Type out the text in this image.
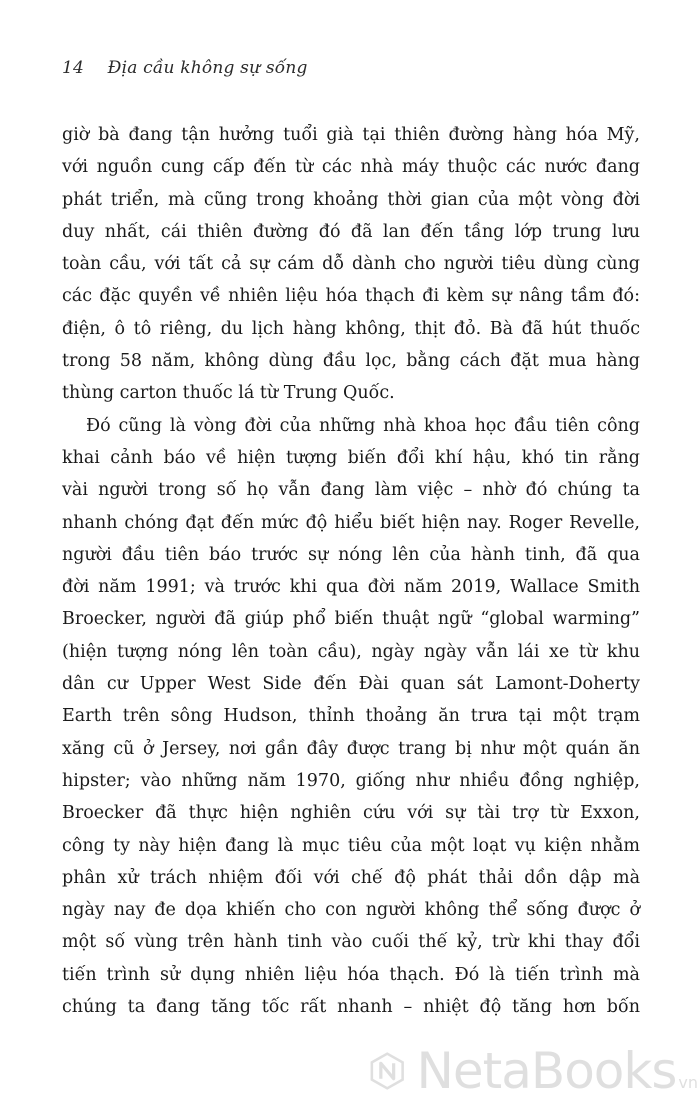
14 Địa cầu không sự sống
giờ bà đang tận hưởng tuổi già tại thiên đường hàng hóa Mỹ,
với nguồn cung cấp đến từ các nhà máy thuộc các nước đang
phát triển, mà cũng trong khoảng thời gian của một vòng đời
duy nhất, cái thiên đường đó đã lan đến tầng lớp trung lưu
toàn cầu, với tất cả sự cám dỗ dành cho người tiêu dùng cùng
các đặc quyền về nhiên liệu hóa thạch đi kèm sự nâng tầm đó:
điện, ô tô riêng, du lịch hàng không, thịt đỏ. Bà đã hút thuốc
trong 58 năm, không dùng đầu lọc, bằng cách đặt mua hàng
thùng carton thuốc lá từ Trung Quốc.
Đó cũng là vòng đời của những nhà khoa học đầu tiên công
khai cảnh báo về hiện tượng biến đổi khí hậu, khó tin rằng
vài người trong số họ vẫn đang làm việc – nhờ đó chúng ta
nhanh chóng đạt đến mức độ hiểu biết hiện nay. Roger Revelle,
người đầu tiên báo trước sự nóng lên của hành tinh, đã qua
đời năm 1991; và trước khi qua đời năm 2019, Wallace Smith
Broecker, người đã giúp phổ biến thuật ngữ “global warming”
(hiện tượng nóng lên toàn cầu), ngày ngày vẫn lái xe từ khu
dân cư Upper West Side đến Đài quan sát Lamont-Doherty
Earth trên sông Hudson, thỉnh thoảng ăn trưa tại một trạm
xăng cũ ở Jersey, nơi gần đây được trang bị như một quán ăn
hipster; vào những năm 1970, giống như nhiều đồng nghiệp,
Broecker đã thực hiện nghiên cứu với sự tài trợ từ Exxon,
công ty này hiện đang là mục tiêu của một loạt vụ kiện nhằm
phân xử trách nhiệm đối với chế độ phát thải dồn dập mà
ngày nay đe dọa khiến cho con người không thể sống được ở
một số vùng trên hành tinh vào cuối thế kỷ, trừ khi thay đổi
tiến trình sử dụng nhiên liệu hóa thạch. Đó là tiến trình mà
chúng ta đang tăng tốc rất nhanh – nhiệt độ tăng hơn bốn
NetaBooks vn
